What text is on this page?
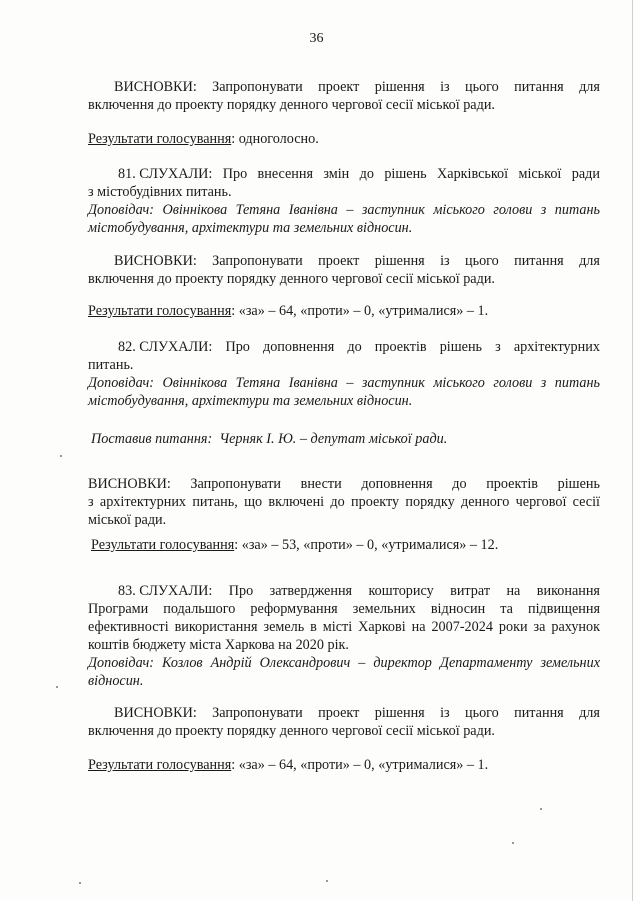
36
ВИСНОВКИ: Запропонувати проект рішення із цього питання для
включення до проекту порядку денного чергової сесії міської ради.
Результати голосування: одноголосно.
81. СЛУХАЛИ: Про внесення змін до рішень Харківської міської ради
з містобудівних питань.
Доповідач: Овіннікова Тетяна Іванівна – заступник міського голови з питань містобудування, архітектури та земельних відносин.
ВИСНОВКИ: Запропонувати проект рішення із цього питання для
включення до проекту порядку денного чергової сесії міської ради.
Результати голосування: «за» – 64, «проти» – 0, «утрималися» – 1.
82. СЛУХАЛИ: Про доповнення до проектів рішень з архітектурних
питань.
Доповідач: Овіннікова Тетяна Іванівна – заступник міського голови з питань містобудування, архітектури та земельних відносин.
Поставив питання:  Черняк І. Ю. – депутат міської ради.
ВИСНОВКИ: Запропонувати внести доповнення до проектів рішень
з архітектурних питань, що включені до проекту порядку денного чергової сесії міської ради.
Результати голосування: «за» – 53, «проти» – 0, «утрималися» – 12.
83. СЛУХАЛИ: Про затвердження кошторису витрат на виконання
Програми подальшого реформування земельних відносин та підвищення ефективності використання земель в місті Харкові на 2007-2024 роки за рахунок коштів бюджету міста Харкова на 2020 рік.
Доповідач: Козлов Андрій Олександрович – директор Департаменту земельних відносин.
ВИСНОВКИ: Запропонувати проект рішення із цього питання для
включення до проекту порядку денного чергової сесії міської ради.
Результати голосування: «за» – 64, «проти» – 0, «утрималися» – 1.
